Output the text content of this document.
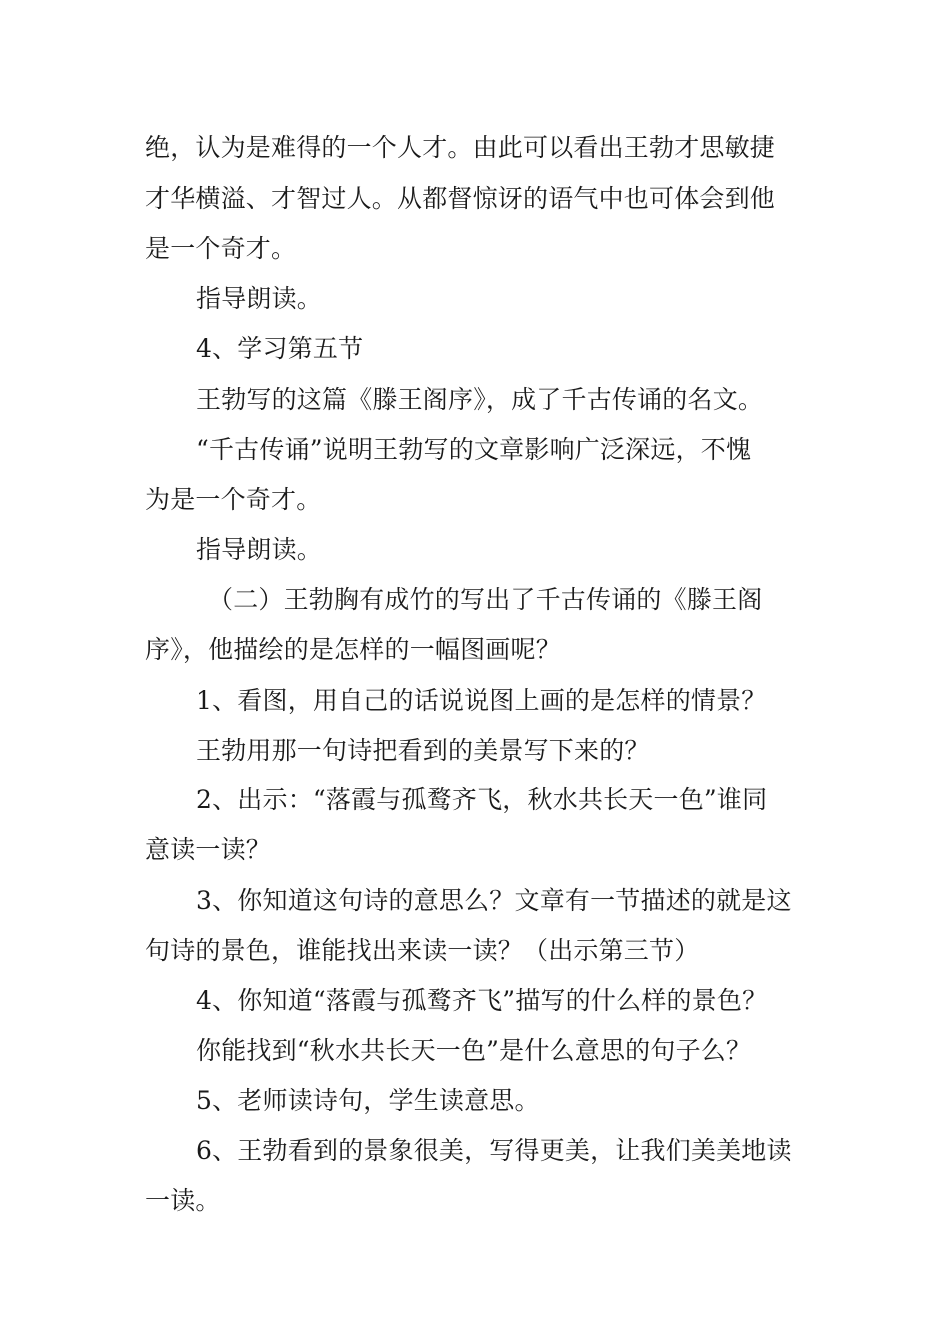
绝，认为是难得的一个人才。由此可以看出王勃才思敏捷
才华横溢、才智过人。从都督惊讶的语气中也可体会到他
是一个奇才。
指导朗读。
4、学习第五节
王勃写的这篇《滕王阁序》，成了千古传诵的名文。
“千古传诵”说明王勃写的文章影响广泛深远，不愧
为是一个奇才。
指导朗读。
（二）王勃胸有成竹的写出了千古传诵的《滕王阁
序》，他描绘的是怎样的一幅图画呢？
1、看图，用自己的话说说图上画的是怎样的情景？
王勃用那一句诗把看到的美景写下来的？
2、出示：“落霞与孤鹜齐飞，秋水共长天一色”谁同
意读一读？
3、你知道这句诗的意思么？文章有一节描述的就是这
句诗的景色，谁能找出来读一读？（出示第三节）
4、你知道“落霞与孤鹜齐飞”描写的什么样的景色？
你能找到“秋水共长天一色”是什么意思的句子么？
5、老师读诗句，学生读意思。
6、王勃看到的景象很美，写得更美，让我们美美地读
一读。
